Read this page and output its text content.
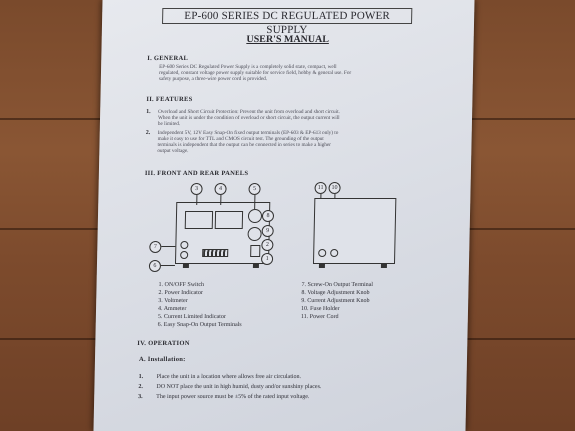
EP-600 SERIES DC REGULATED POWER SUPPLY
USER'S MANUAL
I. GENERAL
EP-600 Series DC Regulated Power Supply is a completely solid state, compact, well
regulated, constant voltage power supply suitable for service field, hobby & general use. For
safety purpose, a three-wire power cord is provided.
II. FEATURES
1. Overload and Short Circuit Protection: Prevent the unit from overload and short circuit.
When the unit is under the condition of overload or short circuit, the output current will
be limited.
2. Independent 5V, 12V Easy Snap-On fixed output terminals (EP-603 & EP-613 only) to
make it easy to use for TTL and CMOS circuit test. The grounding of the output
terminals is independent that the output can be connected in series to make a higher
output voltage.
III. FRONT AND REAR PANELS
3	4	5
8
9
2
1
7
6
11	10
1. ON/OFF Switch
2. Power Indicator
3. Voltmeter
4. Ammeter
5. Current Limited Indicator
6. Easy Snap-On Output Terminals
7. Screw-On Output Terminal
8. Voltage Adjustment Knob
9. Current Adjustment Knob
10. Fuse Holder
11. Power Cord
IV. OPERATION
A. Installation:
1. Place the unit in a location where allows free air circulation.
2. DO NOT place the unit in high humid, dusty and/or sunshiny places.
3. The input power source must be ±5% of the rated input voltage.
